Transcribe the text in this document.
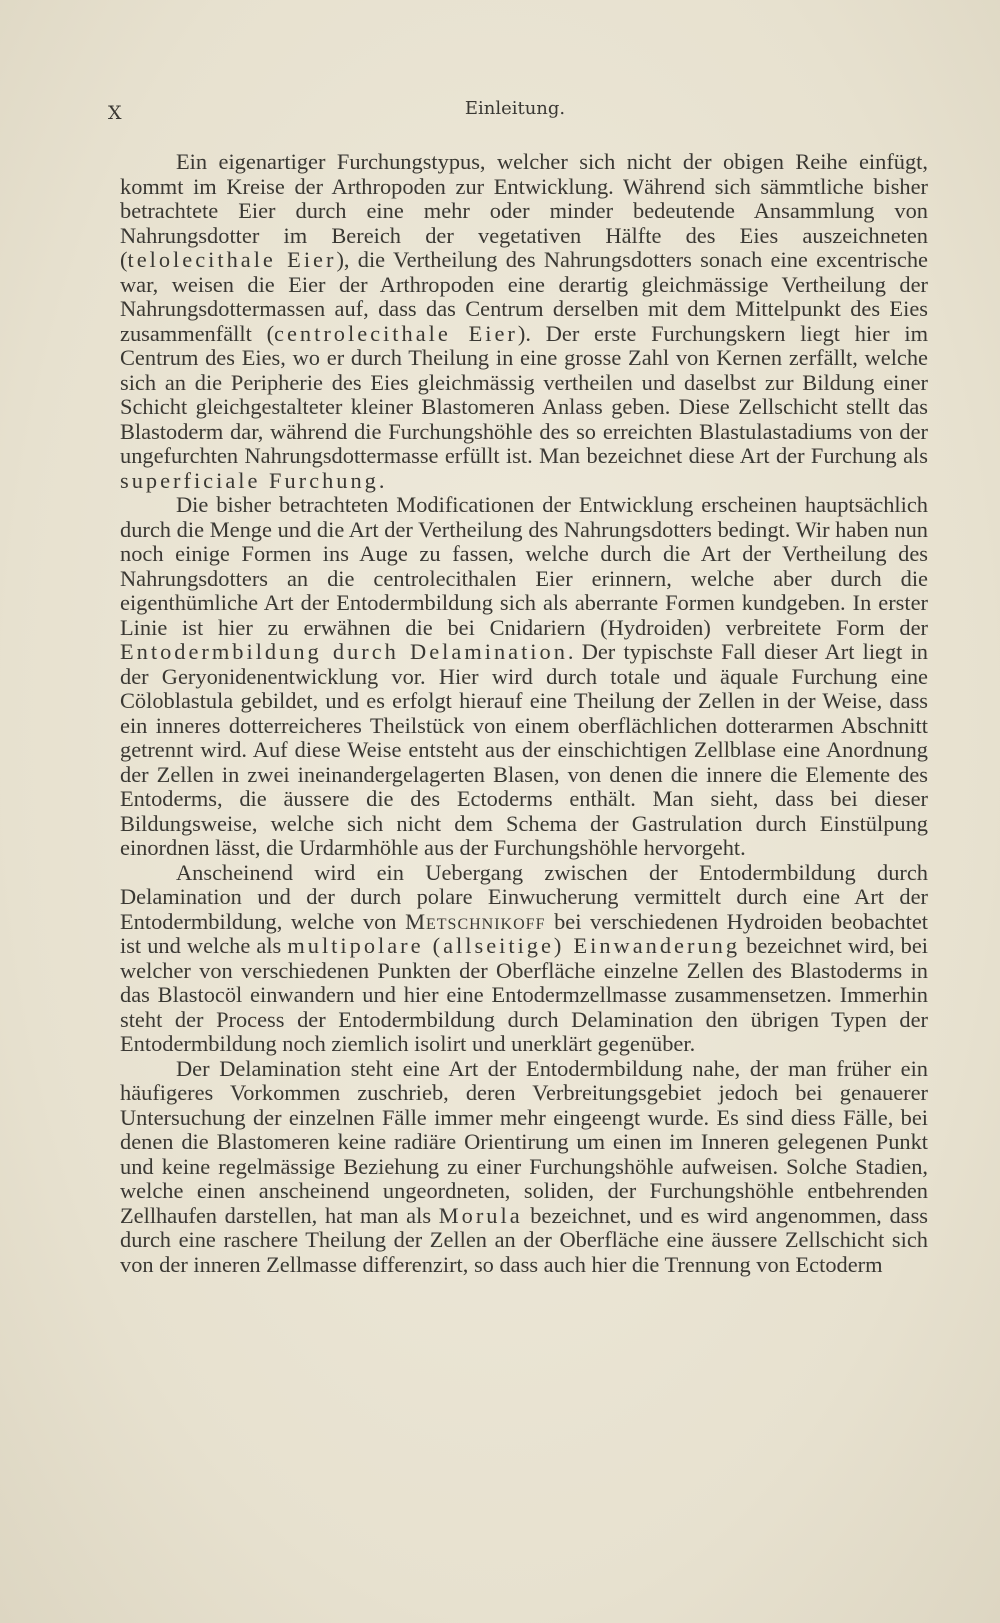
X	Einleitung.

Ein eigenartiger Furchungstypus, welcher sich nicht der obigen Reihe einfügt, kommt im Kreise der Arthropoden zur Entwicklung. Während sich sämmtliche bisher betrachtete Eier durch eine mehr oder minder bedeutende Ansammlung von Nahrungsdotter im Bereich der vegetativen Hälfte des Eies auszeichneten (telolecithale Eier), die Vertheilung des Nahrungsdotters sonach eine excentrische war, weisen die Eier der Arthropoden eine derartig gleichmässige Vertheilung der Nahrungsdottermassen auf, dass das Centrum derselben mit dem Mittelpunkt des Eies zusammenfällt (centrolecithale Eier). Der erste Furchungskern liegt hier im Centrum des Eies, wo er durch Theilung in eine grosse Zahl von Kernen zerfällt, welche sich an die Peripherie des Eies gleichmässig vertheilen und daselbst zur Bildung einer Schicht gleichgestalteter kleiner Blastomeren Anlass geben. Diese Zellschicht stellt das Blastoderm dar, während die Furchungshöhle des so erreichten Blastulastadiums von der ungefurchten Nahrungsdottermasse erfüllt ist. Man bezeichnet diese Art der Furchung als superficiale Furchung.

Die bisher betrachteten Modificationen der Entwicklung erscheinen hauptsächlich durch die Menge und die Art der Vertheilung des Nahrungsdotters bedingt. Wir haben nun noch einige Formen ins Auge zu fassen, welche durch die Art der Vertheilung des Nahrungsdotters an die centrolecithalen Eier erinnern, welche aber durch die eigenthümliche Art der Entodermbildung sich als aberrante Formen kundgeben. In erster Linie ist hier zu erwähnen die bei Cnidariern (Hydroiden) verbreitete Form der Entodermbildung durch Delamination. Der typischste Fall dieser Art liegt in der Geryonidenentwicklung vor. Hier wird durch totale und äquale Furchung eine Cöloblastula gebildet, und es erfolgt hierauf eine Theilung der Zellen in der Weise, dass ein inneres dotterreicheres Theilstück von einem oberflächlichen dotterarmen Abschnitt getrennt wird. Auf diese Weise entsteht aus der einschichtigen Zellblase eine Anordnung der Zellen in zwei ineinandergelagerten Blasen, von denen die innere die Elemente des Entoderms, die äussere die des Ectoderms enthält. Man sieht, dass bei dieser Bildungsweise, welche sich nicht dem Schema der Gastrulation durch Einstülpung einordnen lässt, die Urdarmhöhle aus der Furchungshöhle hervorgeht.

Anscheinend wird ein Uebergang zwischen der Entodermbildung durch Delamination und der durch polare Einwucherung vermittelt durch eine Art der Entodermbildung, welche von Metschnikoff bei verschiedenen Hydroiden beobachtet ist und welche als multipolare (allseitige) Einwanderung bezeichnet wird, bei welcher von verschiedenen Punkten der Oberfläche einzelne Zellen des Blastoderms in das Blastocöl einwandern und hier eine Entodermzellmasse zusammensetzen. Immerhin steht der Process der Entodermbildung durch Delamination den übrigen Typen der Entodermbildung noch ziemlich isolirt und unerklärt gegenüber.

Der Delamination steht eine Art der Entodermbildung nahe, der man früher ein häufigeres Vorkommen zuschrieb, deren Verbreitungsgebiet jedoch bei genauerer Untersuchung der einzelnen Fälle immer mehr eingeengt wurde. Es sind diess Fälle, bei denen die Blastomeren keine radiäre Orientirung um einen im Inneren gelegenen Punkt und keine regelmässige Beziehung zu einer Furchungshöhle aufweisen. Solche Stadien, welche einen anscheinend ungeordneten, soliden, der Furchungshöhle entbehrenden Zellhaufen darstellen, hat man als Morula bezeichnet, und es wird angenommen, dass durch eine raschere Theilung der Zellen an der Oberfläche eine äussere Zellschicht sich von der inneren Zellmasse differenzirt, so dass auch hier die Trennung von Ectoderm
